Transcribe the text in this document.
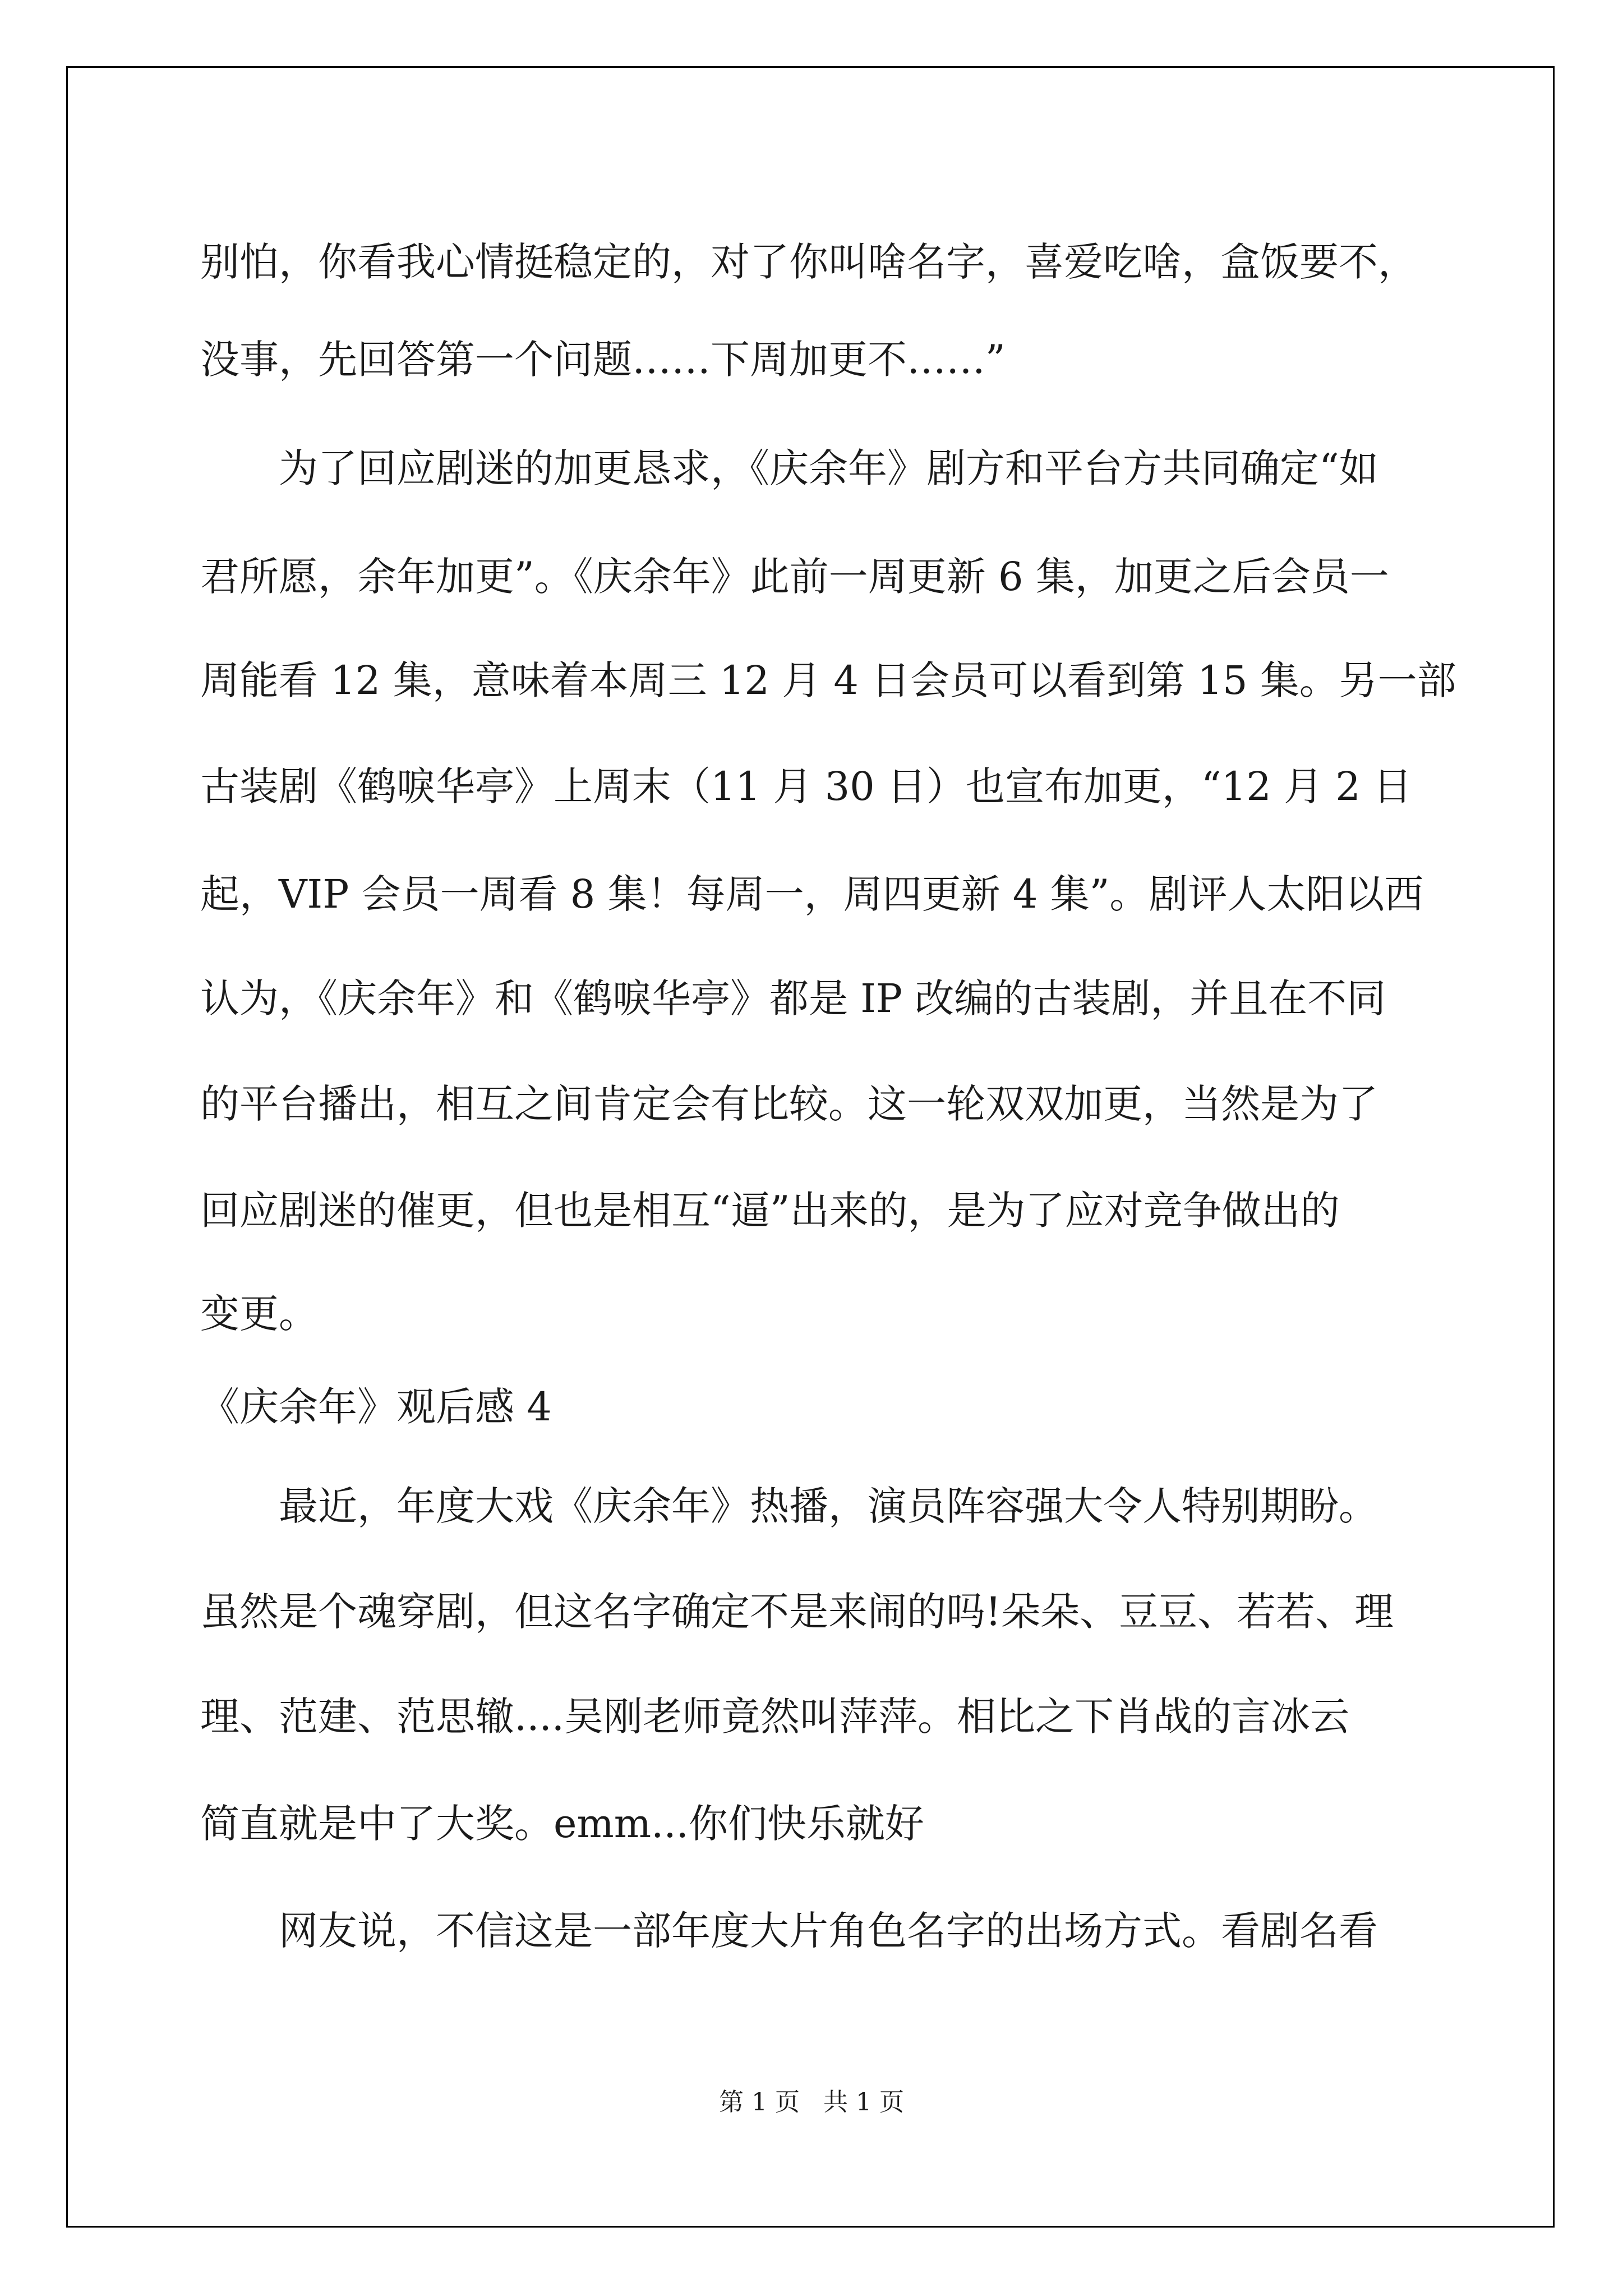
别怕，你看我心情挺稳定的，对了你叫啥名字，喜爱吃啥，盒饭要不，
没事，先回答第一个问题……下周加更不……”
　　为了回应剧迷的加更恳求，《庆余年》剧方和平台方共同确定“如
君所愿，余年加更”。《庆余年》此前一周更新 6 集，加更之后会员一
周能看 12 集，意味着本周三 12 月 4 日会员可以看到第 15 集。另一部
古装剧《鹤唳华亭》上周末（11 月 30 日）也宣布加更，“12 月 2 日
起，VIP 会员一周看 8 集！每周一，周四更新 4 集”。剧评人太阳以西
认为，《庆余年》和《鹤唳华亭》都是 IP 改编的古装剧，并且在不同
的平台播出，相互之间肯定会有比较。这一轮双双加更，当然是为了
回应剧迷的催更，但也是相互“逼”出来的，是为了应对竞争做出的
变更。
《庆余年》观后感 4
　　最近，年度大戏《庆余年》热播，演员阵容强大令人特别期盼。
虽然是个魂穿剧，但这名字确定不是来闹的吗!朵朵、豆豆、若若、理
理、范建、范思辙....吴刚老师竟然叫萍萍。相比之下肖战的言冰云
简直就是中了大奖。emm...你们快乐就好
　　网友说，不信这是一部年度大片角色名字的出场方式。看剧名看
第 1 页   共 1 页
